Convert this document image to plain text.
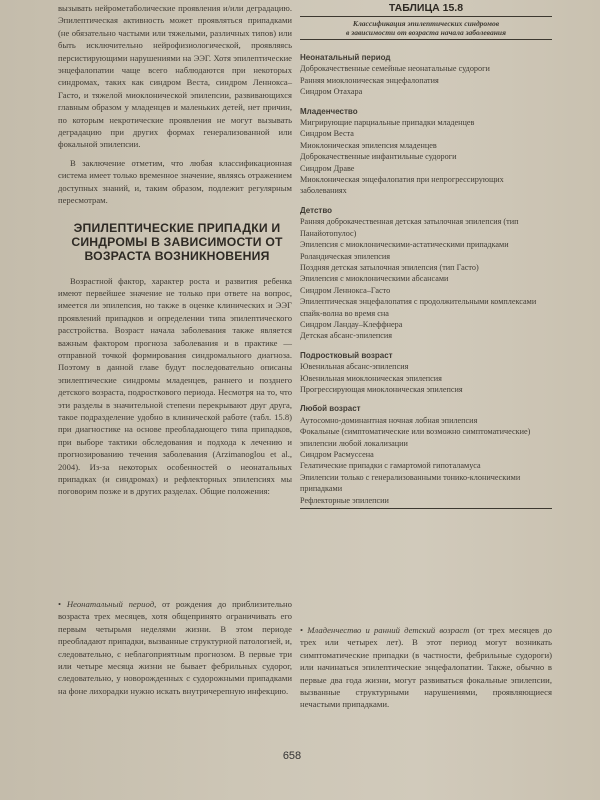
вызывать нейрометаболические проявления и/или деградацию. Эпилептическая активность может проявляться припадками (не обязательно частыми или тяжелыми, различных типов) или быть исключительно нейрофизиологической, проявляясь персистирующими нарушениями на ЭЭГ. Хотя эпилептические энцефалопатии чаще всего наблюдаются при некоторых синдромах, таких как синдром Веста, синдром Леннокса–Гасто, и тяжелой миоклонической эпилепсии, развивающихся главным образом у младенцев и маленьких детей, нет причин, по которым некротические проявления не могут вызывать деградацию при других формах генерализованной или фокальной эпилепсии.

В заключение отметим, что любая классификационная система имеет только временное значение, являясь отражением доступных знаний, и, таким образом, подлежит регулярным пересмотрам.

ЭПИЛЕПТИЧЕСКИЕ ПРИПАДКИ И СИНДРОМЫ В ЗАВИСИМОСТИ ОТ ВОЗРАСТА ВОЗНИКНОВЕНИЯ

Возрастной фактор, характер роста и развития ребенка имеют первейшее значение не только при ответе на вопрос, имеется ли эпилепсия, но также в оценке клинических и ЭЭГ проявлений припадков и определении типа эпилептического расстройства. Возраст начала заболевания также является важным фактором прогноза заболевания и в практике — отправной точкой формирования синдромального диагноза. Поэтому в данной главе будут последовательно описаны эпилептические синдромы младенцев, раннего и позднего детского возраста, подросткового периода. Несмотря на то, что эти разделы в значительной степени перекрывают друг друга, такое подразделение удобно в клинической работе (табл. 15.8) при диагностике на основе преобладающего типа припадков, при выборе тактики обследования и подхода к лечению и прогнозированию течения заболевания (Arzimanoglou et al., 2004). Из-за некоторых особенностей о неонатальных припадках (и синдромах) и рефлекторных эпилепсиях мы поговорим позже и в других разделах. Общие положения:

• Неонатальный период, от рождения до приблизительно возраста трех месяцев, хотя общепринято ограничивать его первым четырьмя неделями жизни. В этом периоде преобладают припадки, вызванные структурной патологией, и, следовательно, с неблагоприятным прогнозом. В первые три или четыре месяца жизни не бывает фебрильных судорог, следовательно, у новорожденных с судорожными припадками на фоне лихорадки нужно искать внутричерепную инфекцию.
ТАБЛИЦА 15.8
Классификация эпилептических синдромов
в зависимости от возраста начала заболевания
Неонатальный период
Доброкачественные семейные неонатальные судороги
Ранняя миоклоническая энцефалопатия
Синдром Отахара
Младенчество
Мигрирующие парциальные припадки младенцев
Синдром Веста
Миоклоническая эпилепсия младенцев
Доброкачественные инфантильные судороги
Синдром Драве
Миоклоническая энцефалопатия при непрогрессирующих заболеваниях
Детство
Ранняя доброкачественная детская затылочная эпилепсия (тип Панайотопулос)
Эпилепсия с миоклоническими-астатическими припадками
Роландическая эпилепсия
Поздняя детская затылочная эпилепсия (тип Гасто)
Эпилепсия с миоклоническими абсансами
Синдром Леннокса–Гасто
Эпилептическая энцефалопатия с продолжительными комплексами спайк-волна во время сна
Синдром Ландау–Клеффнера
Детская абсанс-эпилепсия
Подростковый возраст
Ювенильная абсанс-эпилепсия
Ювенильная миоклоническая эпилепсия
Прогрессирующая миоклоническая эпилепсия
Любой возраст
Аутосомно-доминантная ночная лобная эпилепсия
Фокальные (симптоматические или возможно симптоматические) эпилепсии любой локализации
Синдром Расмуссена
Гелатические припадки с гамартомой гипоталамуса
Эпилепсии только с генерализованными тонико-клоническими припадками
Рефлекторные эпилепсии
• Младенчество и ранний детский возраст (от трех месяцев до трех или четырех лет). В этот период могут возникать симптоматические припадки (в частности, фебрильные судороги) или начинаться эпилептические энцефалопатии. Также, обычно в первые два года жизни, могут развиваться фокальные эпилепсии, вызванные структурными нарушениями, проявляющиеся нечастыми припадками.
658
